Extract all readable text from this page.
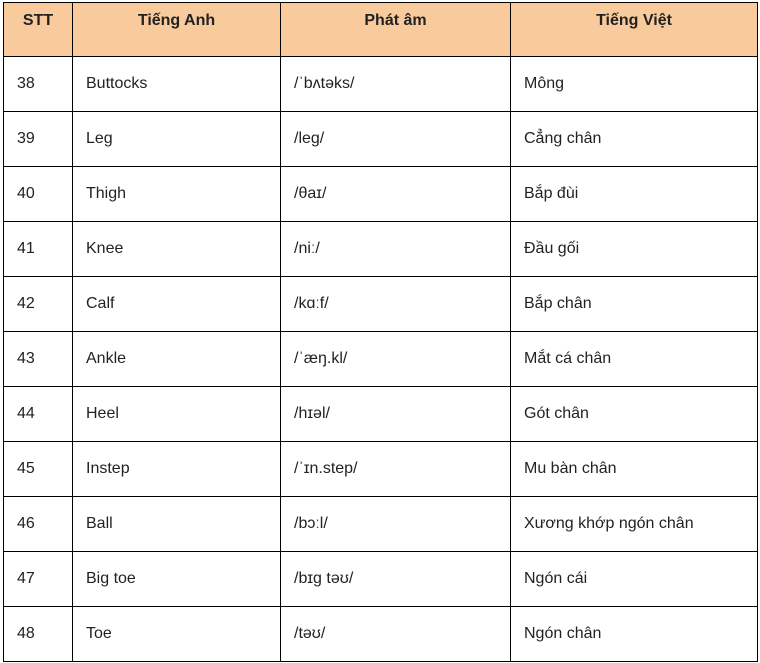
STT	Tiếng Anh	Phát âm	Tiếng Việt
38	Buttocks	/ˈbʌtəks/	Mông
39	Leg	/leg/	Cẳng chân
40	Thigh	/θaɪ/	Bắp đùi
41	Knee	/niː/	Đầu gối
42	Calf	/kɑːf/	Bắp chân
43	Ankle	/ˈæŋ.kl/	Mắt cá chân
44	Heel	/hɪəl/	Gót chân
45	Instep	/ˈɪn.step/	Mu bàn chân
46	Ball	/bɔːl/	Xương khớp ngón chân
47	Big toe	/bɪg təʊ/	Ngón cái
48	Toe	/təʊ/	Ngón chân
